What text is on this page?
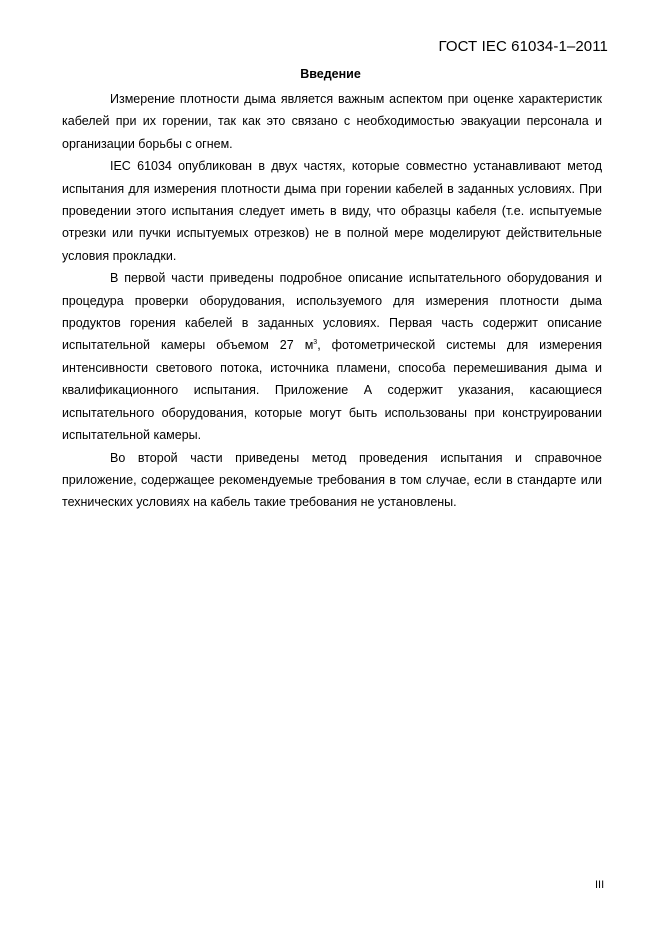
ГОСТ IEC 61034-1–2011
Введение

Измерение плотности дыма является важным аспектом при оценке характеристик кабелей при их горении, так как это связано с необходимостью эвакуации персонала и организации борьбы с огнем.

IEC 61034 опубликован в двух частях, которые совместно устанавливают метод испытания для измерения плотности дыма при горении кабелей в заданных условиях. При проведении этого испытания следует иметь в виду, что образцы кабеля (т.е. испытуемые отрезки или пучки испытуемых отрезков) не в полной мере моделируют действительные условия прокладки.

В первой части приведены подробное описание испытательного оборудования и процедура проверки оборудования, используемого для измерения плотности дыма продуктов горения кабелей в заданных условиях. Первая часть содержит описание испытательной камеры объемом 27 $м^3$, фотометрической системы для измерения интенсивности светового потока, источника пламени, способа перемешивания дыма и квалификационного испытания. Приложение А содержит указания, касающиеся испытательного оборудования, которые могут быть использованы при конструировании испытательной камеры.

Во второй части приведены метод проведения испытания и справочное приложение, содержащее рекомендуемые требования в том случае, если в стандарте или технических условиях на кабель такие требования не установлены.

III
